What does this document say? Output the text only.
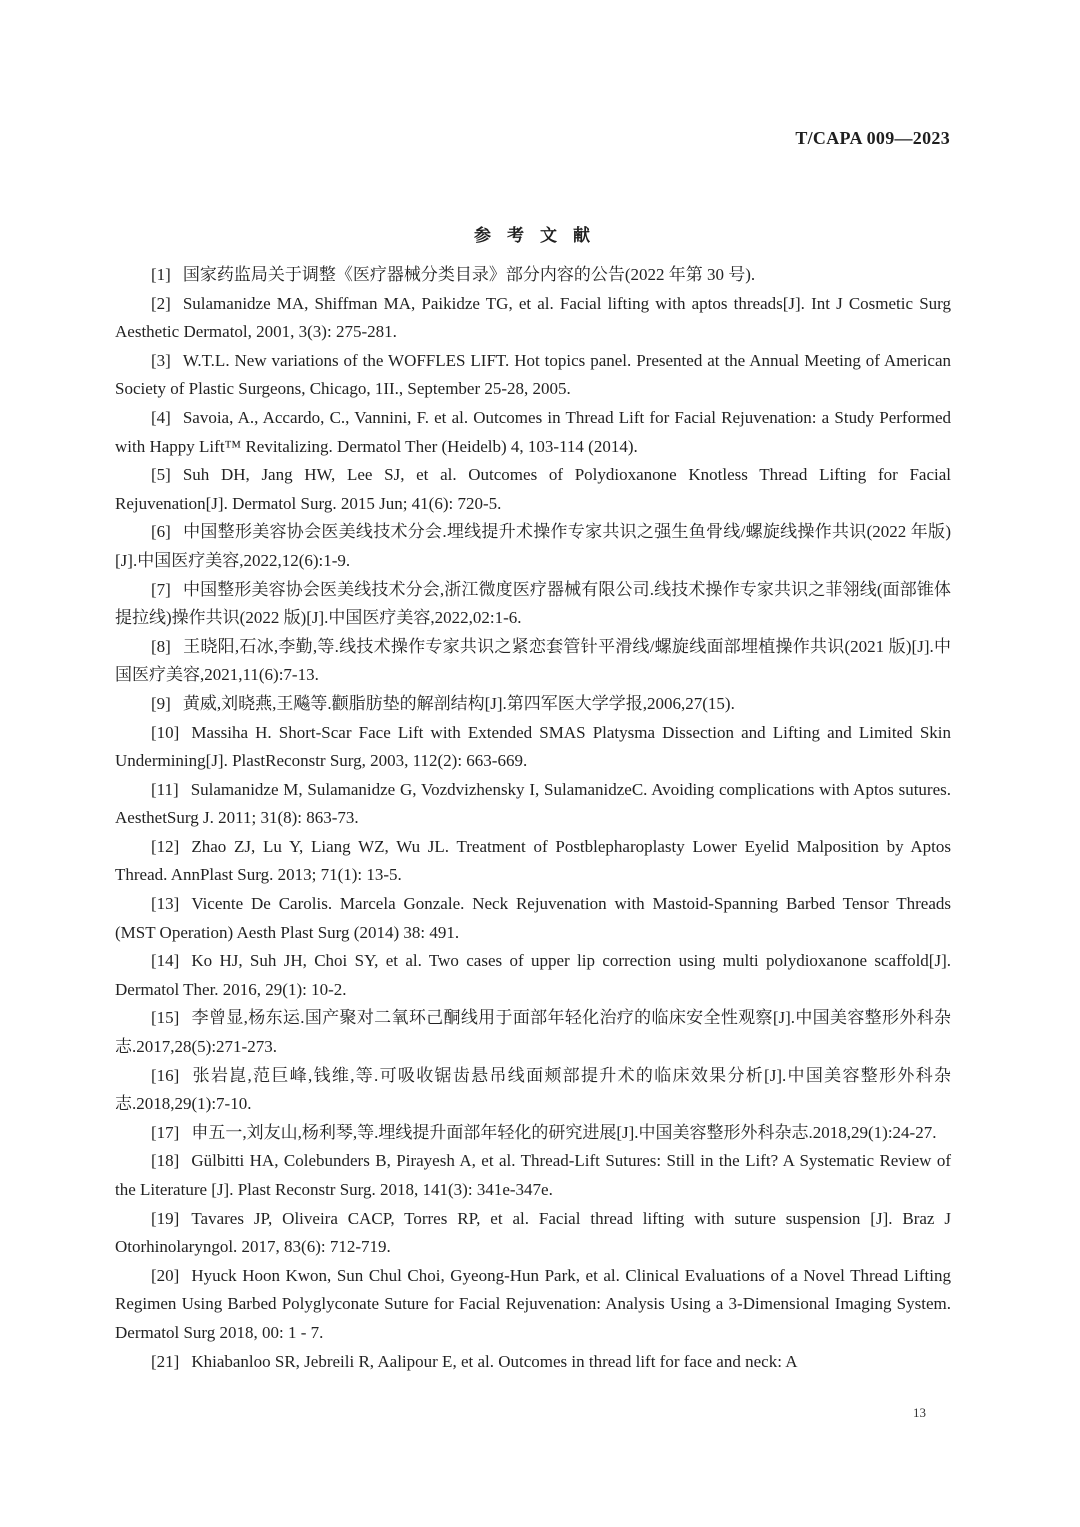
T/CAPA 009—2023
参考文献
[1] 国家药监局关于调整《医疗器械分类目录》部分内容的公告(2022 年第 30 号).
[2] Sulamanidze MA, Shiffman MA, Paikidze TG, et al. Facial lifting with aptos threads[J]. Int J Cosmetic Surg Aesthetic Dermatol, 2001, 3(3): 275-281.
[3] W.T.L. New variations of the WOFFLES LIFT. Hot topics panel. Presented at the Annual Meeting of American Society of Plastic Surgeons, Chicago, 1II., September 25-28, 2005.
[4] Savoia, A., Accardo, C., Vannini, F. et al. Outcomes in Thread Lift for Facial Rejuvenation: a Study Performed with Happy Lift™ Revitalizing. Dermatol Ther (Heidelb) 4, 103-114 (2014).
[5] Suh DH, Jang HW, Lee SJ, et al. Outcomes of Polydioxanone Knotless Thread Lifting for Facial Rejuvenation[J]. Dermatol Surg. 2015 Jun; 41(6): 720-5.
[6] 中国整形美容协会医美线技术分会.埋线提升术操作专家共识之强生鱼骨线/螺旋线操作共识(2022 年版)[J].中国医疗美容,2022,12(6):1-9.
[7] 中国整形美容协会医美线技术分会,浙江微度医疗器械有限公司.线技术操作专家共识之菲翎线(面部锥体提拉线)操作共识(2022 版)[J].中国医疗美容,2022,02:1-6.
[8] 王晓阳,石冰,李勤,等.线技术操作专家共识之紧恋套管针平滑线/螺旋线面部埋植操作共识(2021 版)[J].中国医疗美容,2021,11(6):7-13.
[9] 黄威,刘晓燕,王飚等.颧脂肪垫的解剖结构[J].第四军医大学学报,2006,27(15).
[10] Massiha H. Short-Scar Face Lift with Extended SMAS Platysma Dissection and Lifting and Limited Skin Undermining[J]. PlastReconstr Surg, 2003, 112(2): 663-669.
[11] Sulamanidze M, Sulamanidze G, Vozdvizhensky I, SulamanidzeC. Avoiding complications with Aptos sutures. AesthetSurg J. 2011; 31(8): 863-73.
[12] Zhao ZJ, Lu Y, Liang WZ, Wu JL. Treatment of Postblepharoplasty Lower Eyelid Malposition by Aptos Thread. AnnPlast Surg. 2013; 71(1): 13-5.
[13] Vicente De Carolis. Marcela Gonzale. Neck Rejuvenation with Mastoid-Spanning Barbed Tensor Threads (MST Operation) Aesth Plast Surg (2014) 38: 491.
[14] Ko HJ, Suh JH, Choi SY, et al. Two cases of upper lip correction using multi polydioxanone scaffold[J]. Dermatol Ther. 2016, 29(1): 10-2.
[15] 李曾显,杨东运.国产聚对二氧环己酮线用于面部年轻化治疗的临床安全性观察[J].中国美容整形外科杂志.2017,28(5):271-273.
[16] 张岩崑,范巨峰,钱维,等.可吸收锯齿悬吊线面颊部提升术的临床效果分析[J].中国美容整形外科杂志.2018,29(1):7-10.
[17] 申五一,刘友山,杨利琴,等.埋线提升面部年轻化的研究进展[J].中国美容整形外科杂志.2018,29(1):24-27.
[18] Gülbitti HA, Colebunders B, Pirayesh A, et al. Thread-Lift Sutures: Still in the Lift? A Systematic Review of the Literature [J]. Plast Reconstr Surg. 2018, 141(3): 341e-347e.
[19] Tavares JP, Oliveira CACP, Torres RP, et al. Facial thread lifting with suture suspension [J]. Braz J Otorhinolaryngol. 2017, 83(6): 712-719.
[20] Hyuck Hoon Kwon, Sun Chul Choi, Gyeong-Hun Park, et al. Clinical Evaluations of a Novel Thread Lifting Regimen Using Barbed Polyglyconate Suture for Facial Rejuvenation: Analysis Using a 3-Dimensional Imaging System. Dermatol Surg 2018, 00: 1 - 7.
[21] Khiabanloo SR, Jebreili R, Aalipour E, et al. Outcomes in thread lift for face and neck: A
13
